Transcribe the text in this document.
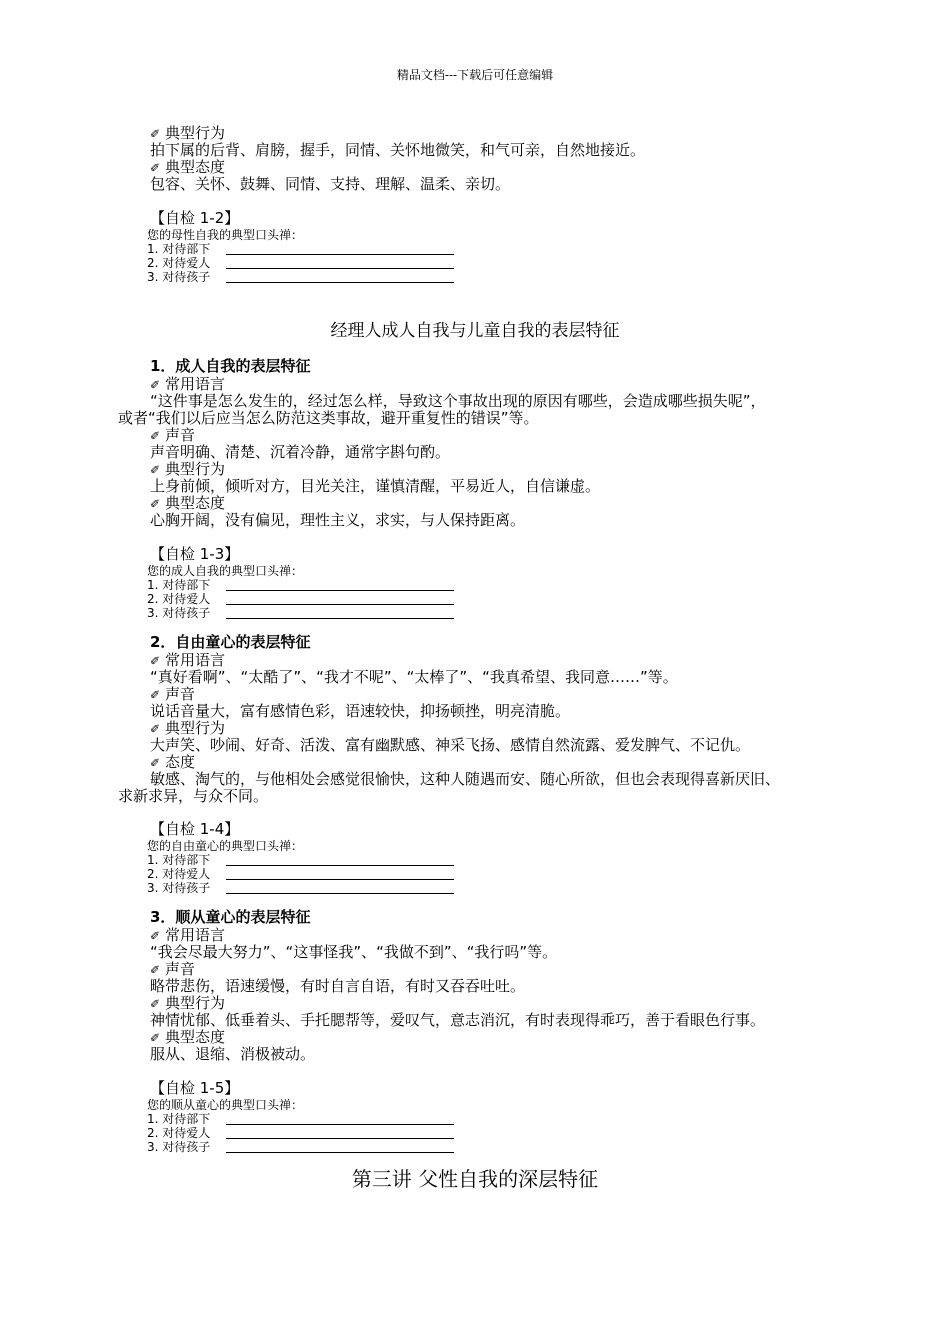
精品文档---下载后可任意编辑
✐ 典型行为
拍下属的后背、肩膀，握手，同情、关怀地微笑，和气可亲，自然地接近。
✐ 典型态度
包容、关怀、鼓舞、同情、支持、理解、温柔、亲切。
【自检 1-2】
您的母性自我的典型口头禅：
1. 对待部下
2. 对待爱人
3. 对待孩子
经理人成人自我与儿童自我的表层特征
1．成人自我的表层特征
✐ 常用语言
“这件事是怎么发生的，经过怎么样，导致这个事故出现的原因有哪些，会造成哪些损失呢”，
或者“我们以后应当怎么防范这类事故，避开重复性的错误”等。
✐ 声音
声音明确、清楚、沉着冷静，通常字斟句酌。
✐ 典型行为
上身前倾，倾听对方，目光关注，谨慎清醒，平易近人，自信谦虚。
✐ 典型态度
心胸开阔，没有偏见，理性主义，求实，与人保持距离。
【自检 1-3】
您的成人自我的典型口头禅：
1. 对待部下
2. 对待爱人
3. 对待孩子
2．自由童心的表层特征
✐ 常用语言
“真好看啊”、“太酷了”、“我才不呢”、“太棒了”、“我真希望、我同意……”等。
✐ 声音
说话音量大，富有感情色彩，语速较快，抑扬顿挫，明亮清脆。
✐ 典型行为
大声笑、吵闹、好奇、活泼、富有幽默感、神采飞扬、感情自然流露、爱发脾气、不记仇。
✐ 态度
敏感、淘气的，与他相处会感觉很愉快，这种人随遇而安、随心所欲，但也会表现得喜新厌旧、
求新求异，与众不同。
【自检 1-4】
您的自由童心的典型口头禅：
1. 对待部下
2. 对待爱人
3. 对待孩子
3．顺从童心的表层特征
✐ 常用语言
“我会尽最大努力”、“这事怪我”、“我做不到”、“我行吗”等。
✐ 声音
略带悲伤，语速缓慢，有时自言自语，有时又吞吞吐吐。
✐ 典型行为
神情忧郁、低垂着头、手托腮帮等，爱叹气，意志消沉，有时表现得乖巧，善于看眼色行事。
✐ 典型态度
服从、退缩、消极被动。
【自检 1-5】
您的顺从童心的典型口头禅：
1. 对待部下
2. 对待爱人
3. 对待孩子
第三讲 父性自我的深层特征
